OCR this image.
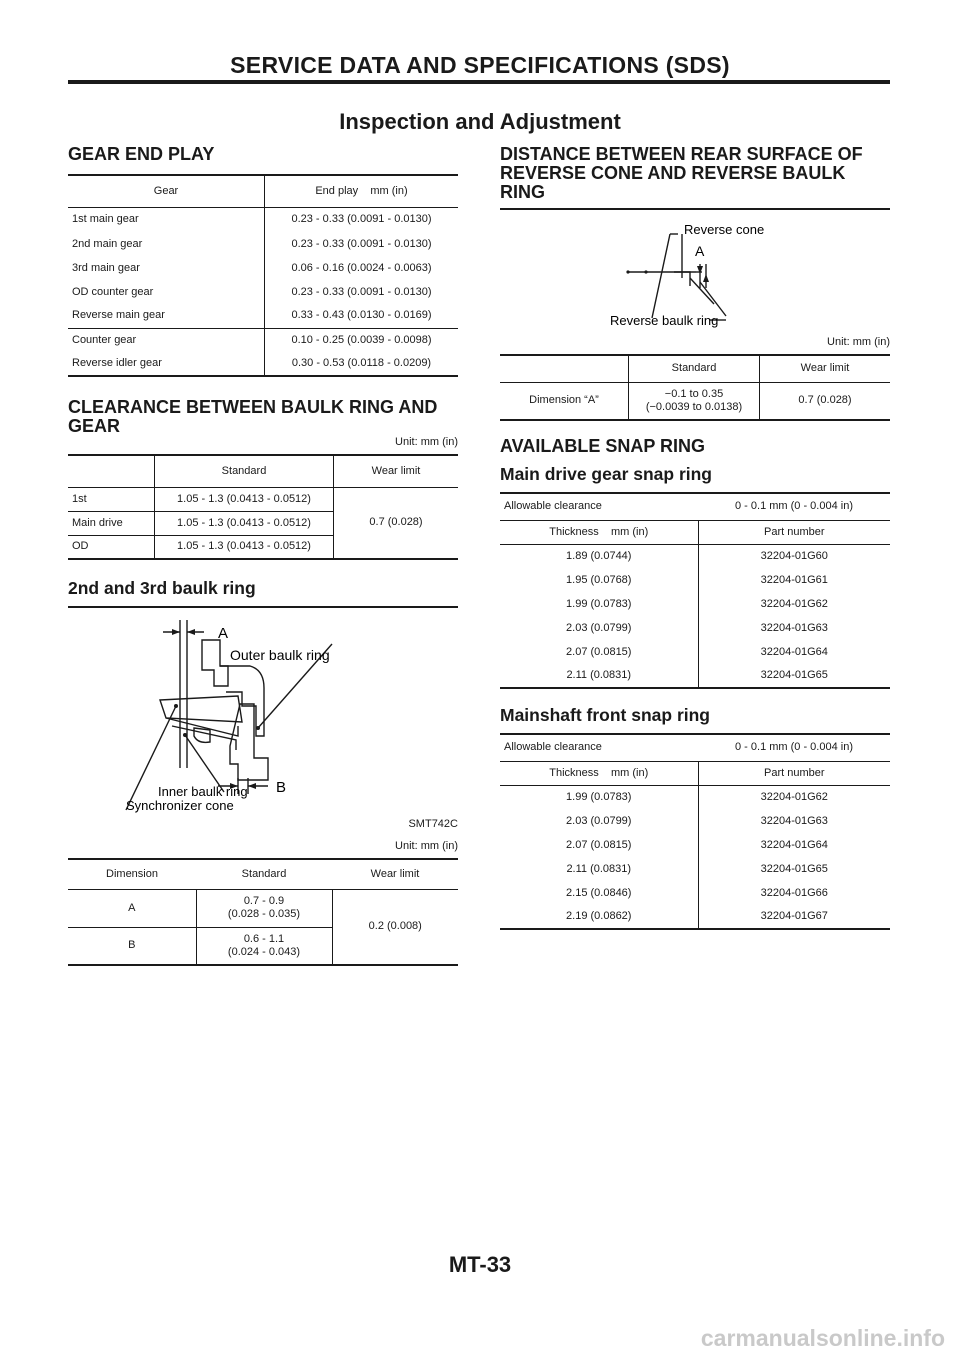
SERVICE DATA AND SPECIFICATIONS (SDS)
Inspection and Adjustment
GEAR END PLAY
Gear	End play    mm (in)
1st main gear	0.23 - 0.33 (0.0091 - 0.0130)
2nd main gear	0.23 - 0.33 (0.0091 - 0.0130)
3rd main gear	0.06 - 0.16 (0.0024 - 0.0063)
OD counter gear	0.23 - 0.33 (0.0091 - 0.0130)
Reverse main gear	0.33 - 0.43 (0.0130 - 0.0169)
Counter gear	0.10 - 0.25 (0.0039 - 0.0098)
Reverse idler gear	0.30 - 0.53 (0.0118 - 0.0209)
CLEARANCE BETWEEN BAULK RING AND
GEAR
Unit: mm (in)
	Standard	Wear limit
1st	1.05 - 1.3 (0.0413 - 0.0512)	0.7 (0.028)
Main drive	1.05 - 1.3 (0.0413 - 0.0512)	
OD	1.05 - 1.3 (0.0413 - 0.0512)	
2nd and 3rd baulk ring
A
Outer baulk ring
Inner baulk ring B
Synchronizer cone
SMT742C
Unit: mm (in)
Dimension	Standard	Wear limit
A	0.7 - 0.9
(0.028 - 0.035)	0.2 (0.008)
B	0.6 - 1.1
(0.024 - 0.043)	
DISTANCE BETWEEN REAR SURFACE OF
REVERSE CONE AND REVERSE BAULK
RING
Reverse cone
A
Reverse baulk ring
Unit: mm (in)
	Standard	Wear limit
Dimension “A”	−0.1 to 0.35
(−0.0039 to 0.0138)	0.7 (0.028)
AVAILABLE SNAP RING
Main drive gear snap ring
Allowable clearance	0 - 0.1 mm (0 - 0.004 in)
Thickness    mm (in)	Part number
1.89 (0.0744)	32204-01G60
1.95 (0.0768)	32204-01G61
1.99 (0.0783)	32204-01G62
2.03 (0.0799)	32204-01G63
2.07 (0.0815)	32204-01G64
2.11 (0.0831)	32204-01G65
Mainshaft front snap ring
Allowable clearance	0 - 0.1 mm (0 - 0.004 in)
Thickness    mm (in)	Part number
1.99 (0.0783)	32204-01G62
2.03 (0.0799)	32204-01G63
2.07 (0.0815)	32204-01G64
2.11 (0.0831)	32204-01G65
2.15 (0.0846)	32204-01G66
2.19 (0.0862)	32204-01G67
MT-33
carmanualsonline.info
